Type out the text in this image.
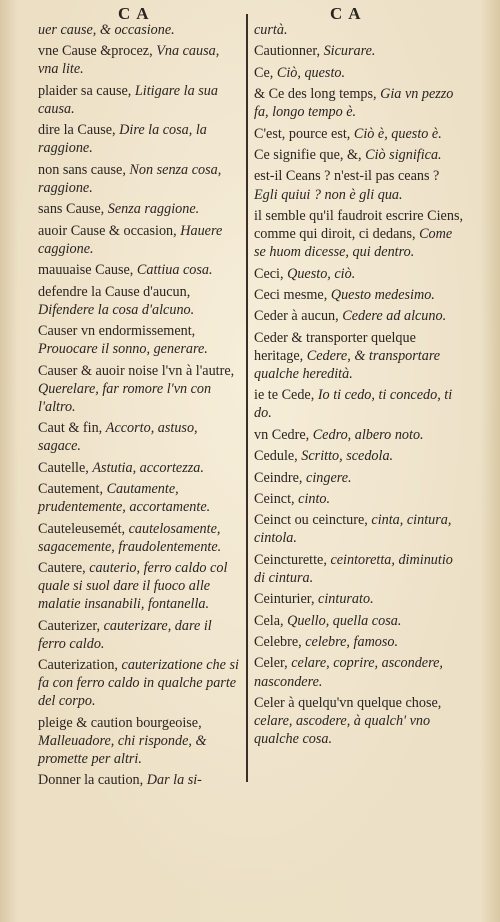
CA	CA
uer cause, & occasione.
vne Cause &procez, Vna causa, vna lite.
plaider sa cause, Litigare la sua causa.
dire la Cause, Dire la cosa, la raggione.
non sans cause, Non senza cosa, raggione.
sans Cause, Senza raggione.
auoir Cause & occasion, Hauere caggione.
mauuaise Cause, Cattiua cosa.
defendre la Cause d'aucun, Difendere la cosa d'alcuno.
Causer vn endormissement, Prouocare il sonno, generare.
Causer & auoir noise l'vn à l'autre, Querelare, far romore l'vn con l'altro.
Caut & fin, Accorto, astuso, sagace.
Cautelle, Astutia, accortezza.
Cautement, Cautamente, prudentemente, accortamente.
Cauteleusemét, cautelosamente, sagacemente, fraudolentemente.
Cautere, cauterio, ferro caldo col quale si suol dare il fuoco alle malatie insanabili, fontanella.
Cauterizer, cauterizare, dare il ferro caldo.
Cauterization, cauterizatione che si fa con ferro caldo in qualche parte del corpo.
pleige & caution bourgeoise, Malleuadore, chi risponde, & promette per altri.
Donner la caution, Dar la si-
curtà.
Cautionner, Sicurare.
Ce, Ciò, questo.
& Ce des long temps, Gia vn pezzo fa, longo tempo è.
C'est, pource est, Ciò è, questo è.
Ce signifie que, &, Ciò significa.
est-il Ceans ? n'est-il pas ceans ? Egli quiui ? non è gli qua.
il semble qu'il faudroit escrire Ciens, comme qui diroit, ci dedans, Come se huom dicesse, qui dentro.
Ceci, Questo, ciò.
Ceci mesme, Questo medesimo.
Ceder à aucun, Cedere ad alcuno.
Ceder & transporter quelque heritage, Cedere, & transportare qualche heredità.
ie te Cede, Io ti cedo, ti concedo, ti do.
vn Cedre, Cedro, albero noto.
Cedule, Scritto, scedola.
Ceindre, cingere.
Ceinct, cinto.
Ceinct ou ceincture, cinta, cintura, cintola.
Ceincturette, ceintoretta, diminutio di cintura.
Ceinturier, cinturato.
Cela, Quello, quella cosa.
Celebre, celebre, famoso.
Celer, celare, coprire, ascondere, nascondere.
Celer à quelqu'vn quelque chose, celare, ascodere, à qualch' vno qualche cosa.
